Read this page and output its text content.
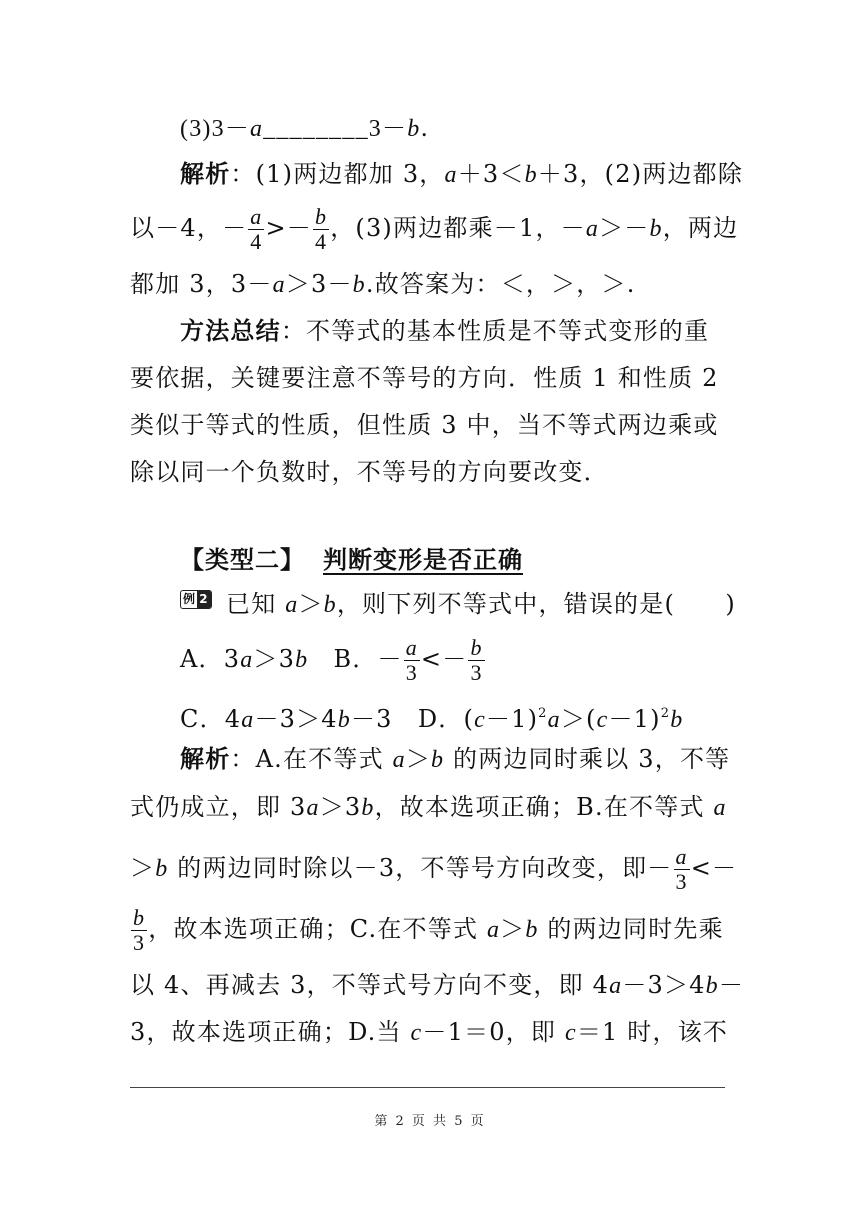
(3)3－a________3－b.
解析：(1)两边都加 3，a＋3＜b＋3，(2)两边都除
以－4，－ $\frac{a}{4} >- \frac{b}{4}$ ，(3)两边都乘－1，－a＞－b，两边
都加 3，3－a＞3－b.故答案为：＜，＞，＞.
方法总结：不等式的基本性质是不等式变形的重
要依据，关键要注意不等号的方向．性质 1 和性质 2
类似于等式的性质，但性质 3 中，当不等式两边乘或
除以同一个负数时，不等号的方向要改变．
【类型二】 判断变形是否正确
例 2 已知 a＞b，则下列不等式中，错误的是(　　)
A．3a＞3b　B．－ $\frac{a}{3} <- \frac{b}{3}$
C．4a－3＞4b－3　D．$(c-1)^2a>(c-1)^2b$
解析：A.在不等式 a＞b 的两边同时乘以 3，不等
式仍成立，即 3a＞3b，故本选项正确；B.在不等式 a
＞b 的两边同时除以－3，不等号方向改变，即－ $\frac{a}{3}$ <－
$\frac{b}{3}$ ，故本选项正确；C.在不等式 a＞b 的两边同时先乘
以 4、再减去 3，不等式号方向不变，即 4a－3＞4b－
3，故本选项正确；D.当 c－1＝0，即 c＝1 时，该不
第 2 页 共 5 页
